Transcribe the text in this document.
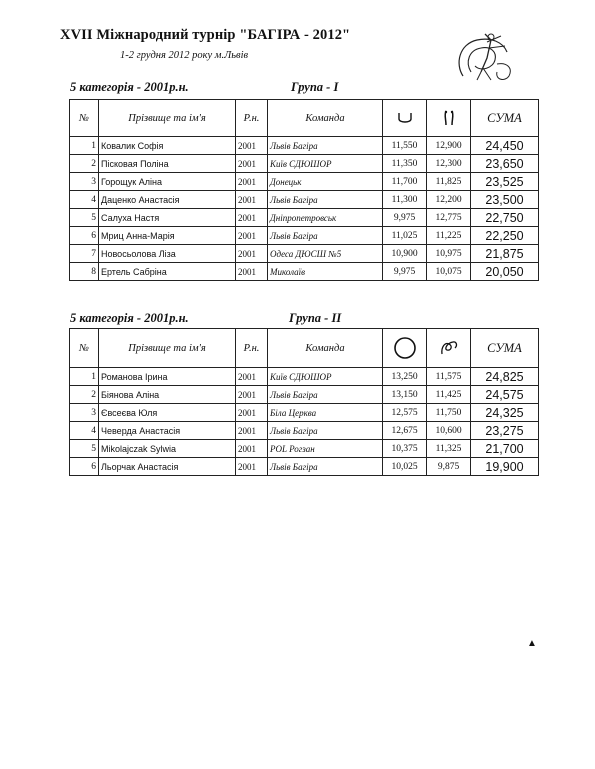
XVII Міжнародний турнір "БАГІРА - 2012"
1-2 грудня 2012 року м.Львів
5 категорія - 2001р.н.	Група - I
№	Прізвище та ім'я	Р.н.	Команда			СУМА
1	Ковалик Софія	2001	Львів Багіра	11,550	12,900	24,450
2	Пісковая Поліна	2001	Київ СДЮШОР	11,350	12,300	23,650
3	Горощук Аліна	2001	Донецьк	11,700	11,825	23,525
4	Даценко Анастасія	2001	Львів Багіра	11,300	12,200	23,500
5	Салуха Настя	2001	Дніпропетровськ	9,975	12,775	22,750
6	Мриц Анна-Марія	2001	Львів Багіра	11,025	11,225	22,250
7	Новосьолова Ліза	2001	Одеса ДЮСШ №5	10,900	10,975	21,875
8	Ертель Сабріна	2001	Миколаїв	9,975	10,075	20,050
5 категорія - 2001р.н.	Група - II
№	Прізвище та ім'я	Р.н.	Команда			СУМА
1	Романова Ірина	2001	Київ СДЮШОР	13,250	11,575	24,825
2	Біянова Аліна	2001	Львів Багіра	13,150	11,425	24,575
3	Євсеєва Юля	2001	Біла Церква	12,575	11,750	24,325
4	Чеверда Анастасія	2001	Львів Багіра	12,675	10,600	23,275
5	Mikolajczak Sylwia	2001	POL Рогзан	10,375	11,325	21,700
6	Льорчак Анастасія	2001	Львів Багіра	10,025	9,875	19,900
▲
